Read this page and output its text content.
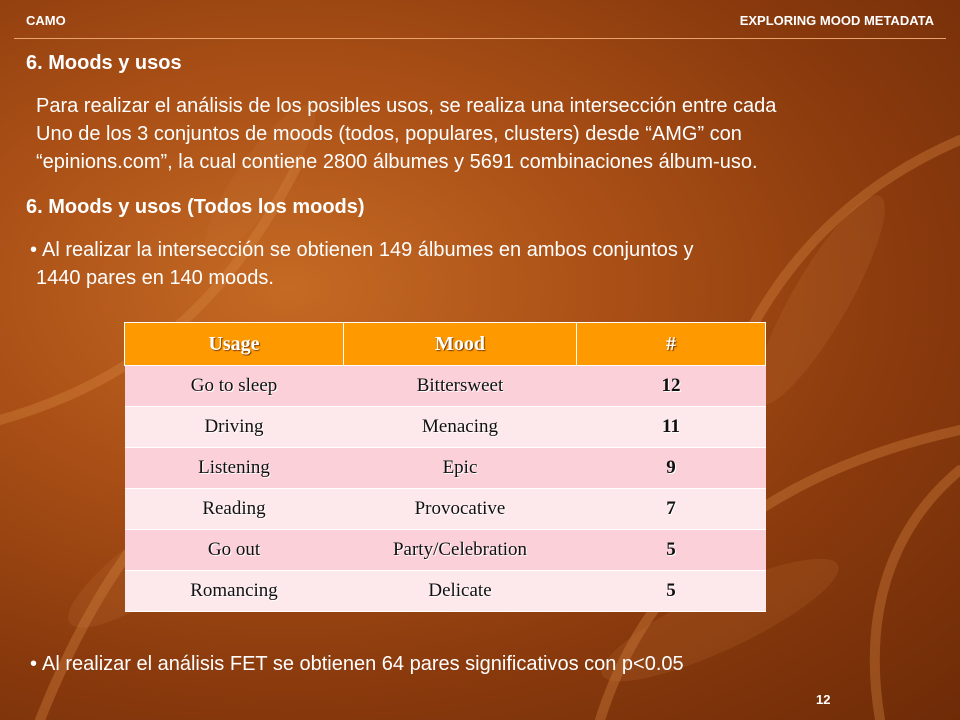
CAMO	EXPLORING MOOD METADATA
6. Moods y usos
Para realizar el análisis de los posibles usos, se realiza una intersección entre cada
Uno de los 3 conjuntos de moods (todos, populares, clusters) desde “AMG” con
“epinions.com”, la cual contiene 2800 álbumes y 5691 combinaciones álbum-uso.
6. Moods y usos (Todos los moods)
• Al realizar la intersección se obtienen 149 álbumes en ambos conjuntos y
1440 pares en 140 moods.
Usage	Mood	#
Go to sleep	Bittersweet	12
Driving	Menacing	11
Listening	Epic	9
Reading	Provocative	7
Go out	Party/Celebration	5
Romancing	Delicate	5
• Al realizar el análisis FET se obtienen 64 pares significativos con p<0.05
12
